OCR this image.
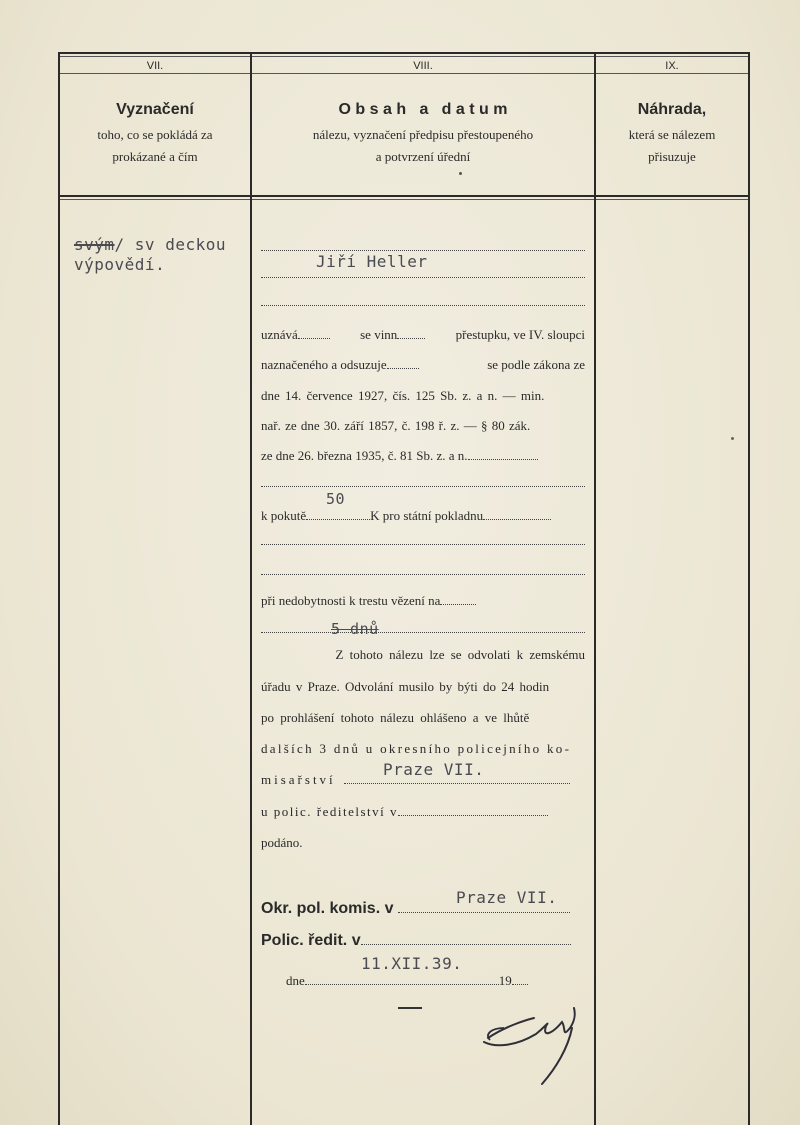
VII.	VIII.	IX.
Vyznačení
toho, co se pokládá za
prokázané a čím
O b s a h   a   d a t u m
nálezu, vyznačení předpisu přestoupeného
a potvrzení úřední
Náhrada,
která se nálezem
přisuzuje
svým/ sv deckou
výpovědí.	Jiří Heller
uznává	se vinn	přestupku, ve IV. sloupci
naznačeného a odsuzuje	se podle zákona ze
dne 14. července 1927, čís. 125 Sb. z. a n. — min.
nař. ze dne 30. září 1857, č. 198 ř. z. — § 80 zák.
ze dne 26. března 1935, č. 81 Sb. z. a n.
50
k pokutě	K pro státní pokladnu
při nedobytnosti k trestu vězení na
5 dnů
Z tohoto nálezu lze se odvolati k zemskému
úřadu v Praze. Odvolání musilo by býti do 24 hodin
po prohlášení tohoto nálezu ohlášeno a ve lhůtě
dalších 3 dnů u okresního policejního ko-
misařství
Praze VII.
u polic. ředitelství v
podáno.
Praze VII.
Okr. pol. komis. v
Polic. ředit. v
11.XII.39.
dne	19
